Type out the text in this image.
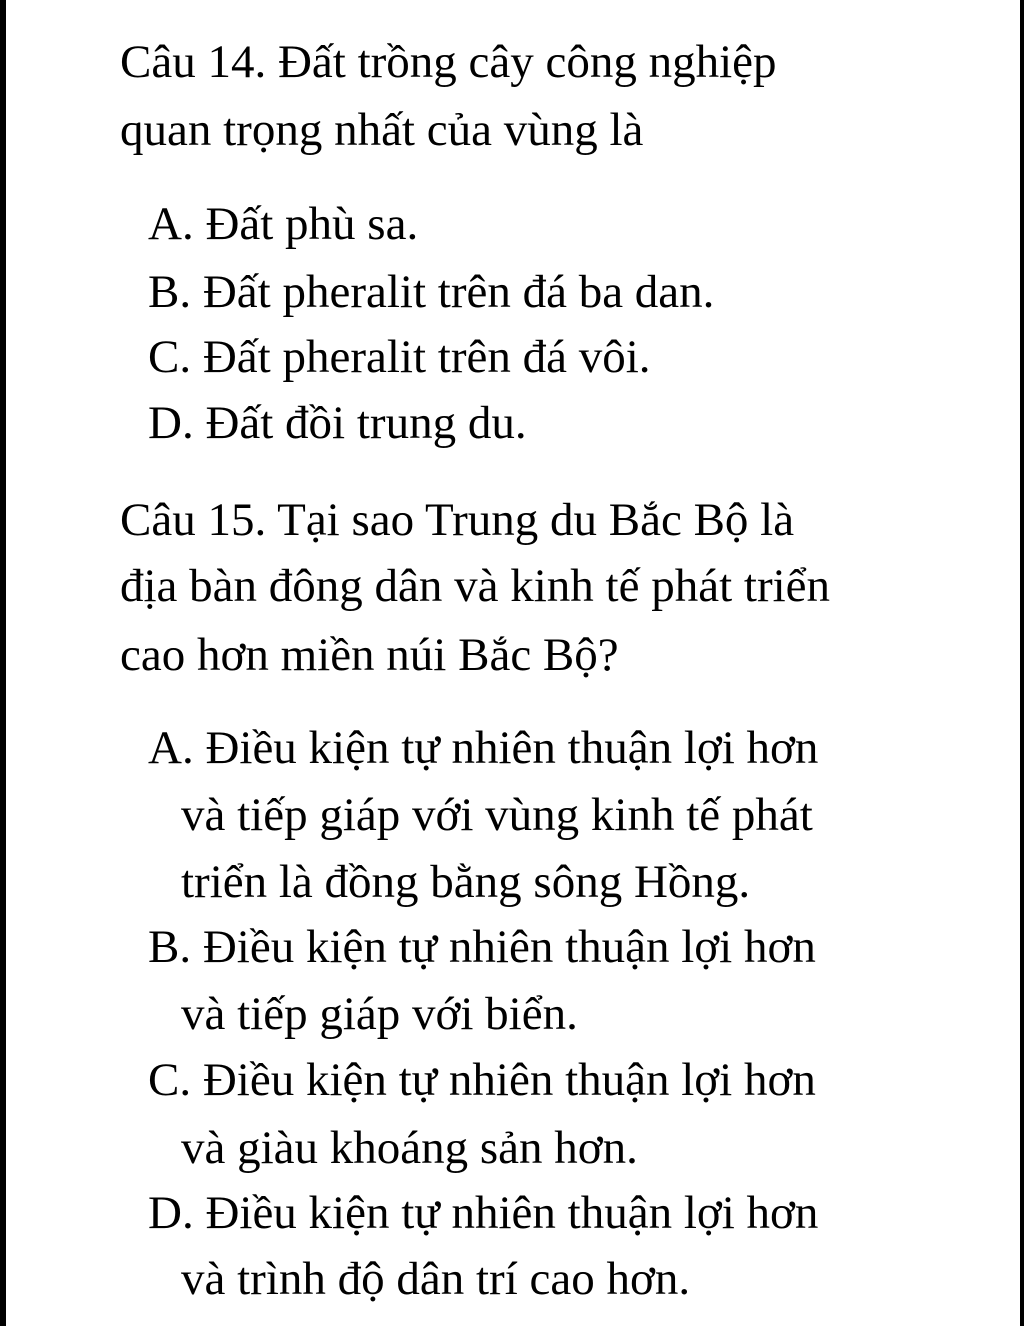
Câu 14. Đất trồng cây công nghiệp
quan trọng nhất của vùng là
A. Đất phù sa.
B. Đất pheralit trên đá ba dan.
C. Đất pheralit trên đá vôi.
D. Đất đồi trung du.
Câu 15. Tại sao Trung du Bắc Bộ là
địa bàn đông dân và kinh tế phát triển
cao hơn miền núi Bắc Bộ?
A. Điều kiện tự nhiên thuận lợi hơn
và tiếp giáp với vùng kinh tế phát
triển là đồng bằng sông Hồng.
B. Điều kiện tự nhiên thuận lợi hơn
và tiếp giáp với biển.
C. Điều kiện tự nhiên thuận lợi hơn
và giàu khoáng sản hơn.
D. Điều kiện tự nhiên thuận lợi hơn
và trình độ dân trí cao hơn.
